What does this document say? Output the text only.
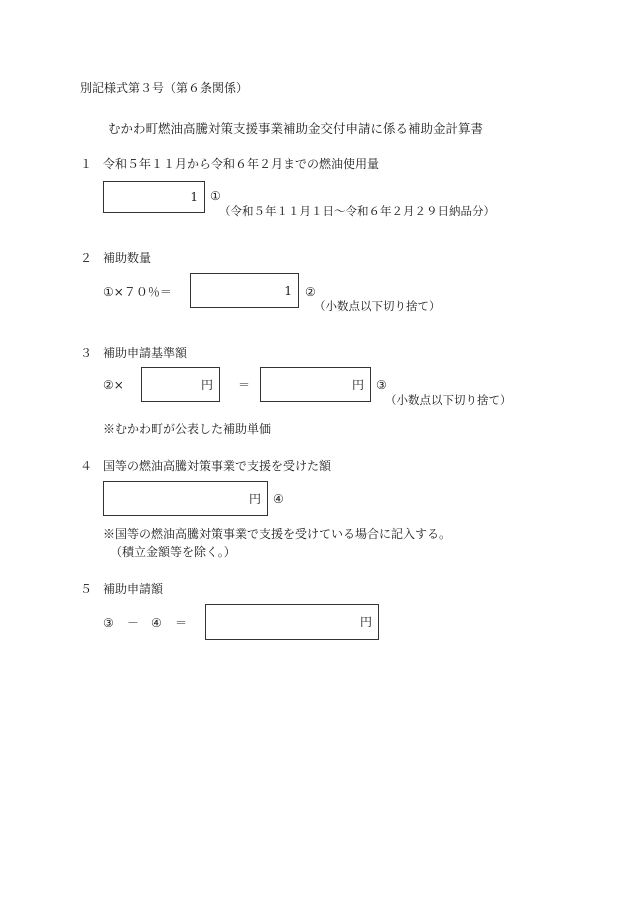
別記様式第３号（第６条関係）
むかわ町燃油高騰対策支援事業補助金交付申請に係る補助金計算書
１ 令和５年１１月から令和６年２月までの燃油使用量
1 ①
（令和５年１１月１日～令和６年２月２９日納品分）
２ 補助数量
①×７０％＝	1 ②
（小数点以下切り捨て）
３ 補助申請基準額
②×	円 ＝	円 ③
（小数点以下切り捨て）
※むかわ町が公表した補助単価
４ 国等の燃油高騰対策事業で支援を受けた額
円 ④
※国等の燃油高騰対策事業で支援を受けている場合に記入する。
（積立金額等を除く。）
５ 補助申請額
③ － ④ ＝	円
